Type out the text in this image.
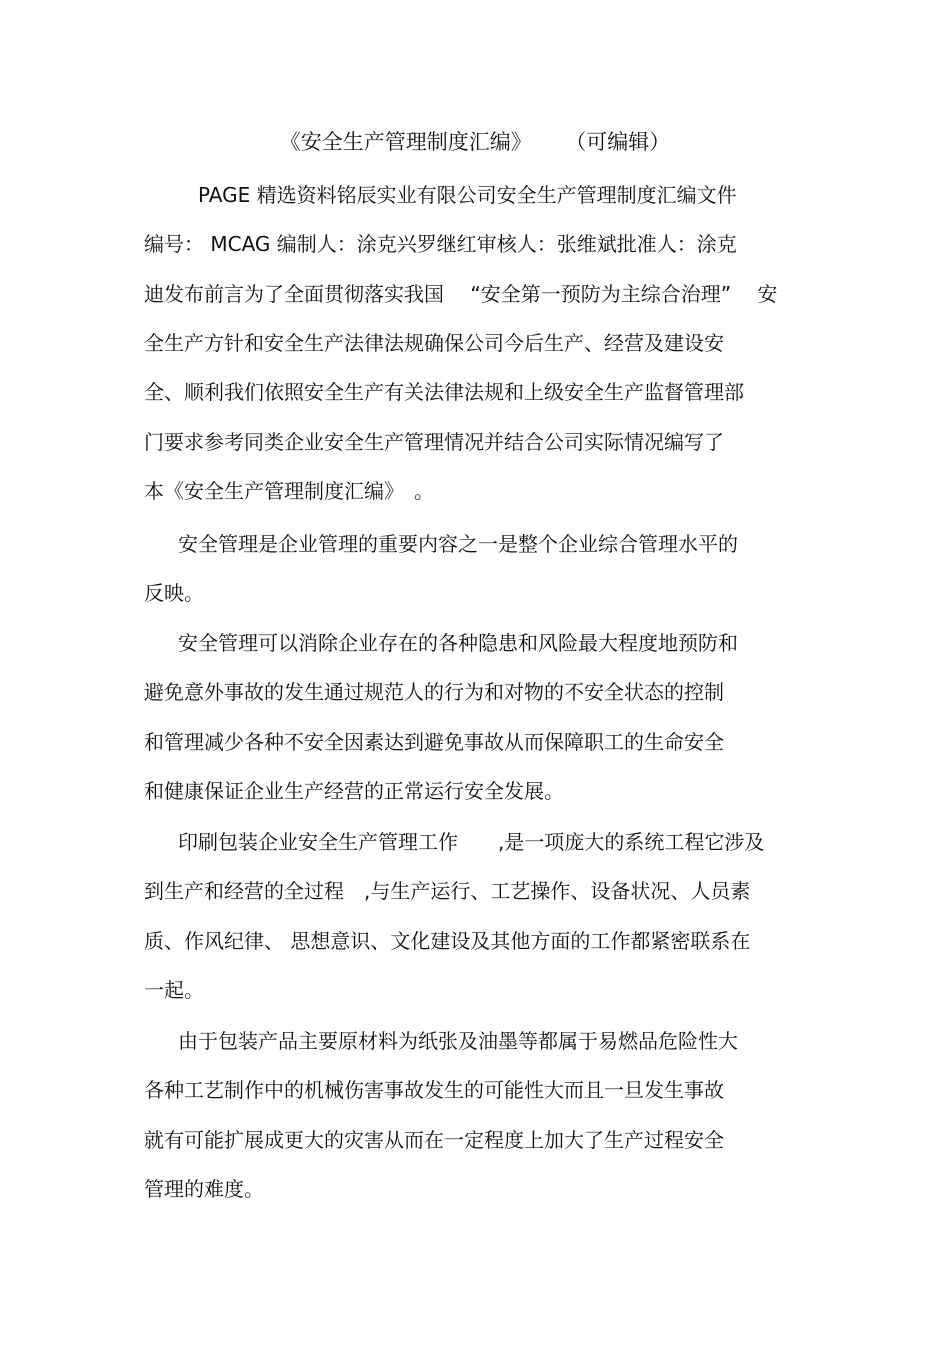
《安全生产管理制度汇编》 （可编辑）
PAGE 精选资料铭辰实业有限公司安全生产管理制度汇编文件
编号： MCAG 编制人：涂克兴罗继红审核人：张维斌批准人：涂克
迪发布前言为了全面贯彻落实我国　 “安全第一预防为主综合治理”　 安
全生产方针和安全生产法律法规确保公司今后生产、经营及建设安
全、顺利我们依照安全生产有关法律法规和上级安全生产监督管理部
门要求参考同类企业安全生产管理情况并结合公司实际情况编写了
本《安全生产管理制度汇编》　。
安全管理是企业管理的重要内容之一是整个企业综合管理水平的
反映。
安全管理可以消除企业存在的各种隐患和风险最大程度地预防和
避免意外事故的发生通过规范人的行为和对物的不安全状态的控制
和管理减少各种不安全因素达到避免事故从而保障职工的生命安全
和健康保证企业生产经营的正常运行安全发展。
印刷包装企业安全生产管理工作　　,是一项庞大的系统工程它涉及
到生产和经营的全过程　,与生产运行、工艺操作、设备状况、人员素
质、作风纪律、 思想意识、文化建设及其他方面的工作都紧密联系在
一起。
由于包装产品主要原材料为纸张及油墨等都属于易燃品危险性大
各种工艺制作中的机械伤害事故发生的可能性大而且一旦发生事故
就有可能扩展成更大的灾害从而在一定程度上加大了生产过程安全
管理的难度。
